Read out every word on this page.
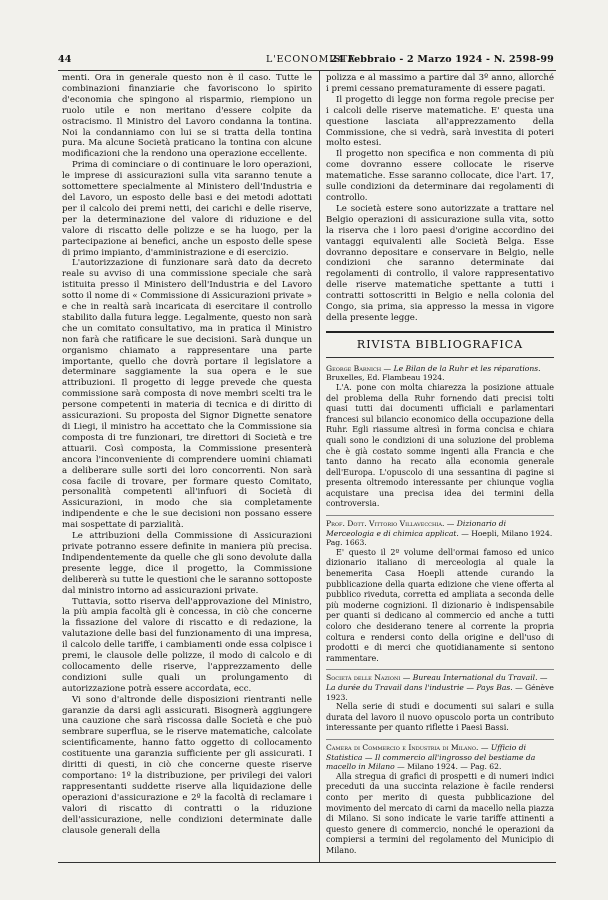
44	L'ECONOMISTA
24 Febbraio - 2 Marzo 1924 - N. 2598-99

menti. Ora in generale questo non è il caso. Tutte le combinazioni finanziarie che favoriscono lo spirito d'economia che spingono al risparmio, riempiono un ruolo utile e non meritano d'essere colpite da ostracismo. Il Ministro del Lavoro condanna la tontina. Noi la condanniamo con lui se si tratta della tontina pura. Ma alcune Società praticano la tontina con alcune modificazioni che la rendono una operazione eccellente.

Prima di cominciare o di continuare le loro operazioni, le imprese di assicurazioni sulla vita saranno tenute a sottomettere specialmente al Ministero dell'Industria e del Lavoro, un esposto delle basi e dei metodi adottati per il calcolo dei premi netti, dei carichi e delle riserve, per la determinazione del valore di riduzione e del valore di riscatto delle polizze e se ha luogo, per la partecipazione ai benefici, anche un esposto delle spese di primo impianto, d'amministrazione e di esercizio.

L'autorizzazione di funzionare sarà dato da decreto reale su avviso di una commissione speciale che sarà istituita presso il Ministero dell'Industria e del Lavoro sotto il nome di « Commissione di Assicurazioni private » e che in realtà sarà incaricata di esercitare il controllo stabilito dalla futura legge. Legalmente, questo non sarà che un comitato consultativo, ma in pratica il Ministro non farà che ratificare le sue decisioni. Sarà dunque un organismo chiamato a rappresentare una parte importante, quello che dovrà portare il legislatore a determinare saggiamente la sua opera e le sue attribuzioni. Il progetto di legge prevede che questa commissione sarà composta di nove membri scelti tra le persone competenti in materia di tecnica e di diritto di assicurazioni. Su proposta del Signor Dignette senatore di Liegi, il ministro ha accettato che la Commissione sia composta di tre funzionari, tre direttori di Società e tre attuarii. Così composta, la Commissione presenterà ancora l'inconveniente di comprendere uomini chiamati a deliberare sulle sorti dei loro concorrenti. Non sarà cosa facile di trovare, per formare questo Comitato, personalità competenti all'infuori di Società di Assicurazioni, in modo che sia completamente indipendente e che le sue decisioni non possano essere mai sospettate di parzialità.

Le attribuzioni della Commissione di Assicurazioni private potranno essere definite in maniera più precisa. Indipendentemente da quelle che gli sono devolute dalla presente legge, dice il progetto, la Commissione delibererà su tutte le questioni che le saranno sottoposte dal ministro intorno ad assicurazioni private.

Tuttavia, sotto riserva dell'approvazione del Ministro, la più ampia facoltà gli è concessa, in ciò che concerne la fissazione del valore di riscatto e di redazione, la valutazione delle basi del funzionamento di una impresa, il calcolo delle tariffe, i cambiamenti onde essa colpisce i premi, le clausole delle polizze, il modo di calcolo e di collocamento delle riserve, l'apprezzamento delle condizioni sulle quali un prolungamento di autorizzazione potrà essere accordata, ecc.

Vi sono d'altronde delle disposizioni rientranti nelle garanzie da darsi agli assicurati. Bisognerà aggiungere una cauzione che sarà riscossa dalle Società e che può sembrare superflua, se le riserve matematiche, calcolate scientificamente, hanno fatto oggetto di collocamento costituente una garanzia sufficiente per gli assicurati. I diritti di questi, in ciò che concerne queste riserve comportano: 1º la distribuzione, per privilegi dei valori rappresentanti suddette riserve alla liquidazione delle operazioni d'assicurazione e 2º la facoltà di reclamare i valori di riscatto di contratti o la riduzione dell'assicurazione, nelle condizioni determinate dalle clausole generali della

polizza e al massimo a partire dal 3º anno, allorché i premi cessano prematuramente di essere pagati.

Il progetto di legge non forma regole precise per i calcoli delle riserve matematiche. E' questa una questione lasciata all'apprezzamento della Commissione, che si vedrà, sarà investita di poteri molto estesi.

Il progetto non specifica e non commenta di più come dovranno essere collocate le riserve matematiche. Esse saranno collocate, dice l'art. 17, sulle condizioni da determinare dai regolamenti di controllo.

Le società estere sono autorizzate a trattare nel Belgio operazioni di assicurazione sulla vita, sotto la riserva che i loro paesi d'origine accordino dei vantaggi equivalenti alle Società Belga. Esse dovranno depositare e conservare in Belgio, nelle condizioni che saranno determinate dai regolamenti di controllo, il valore rappresentativo delle riserve matematiche spettante a tutti i contratti sottoscritti in Belgio e nella colonia del Congo, sia prima, sia appresso la messa in vigore della presente legge.

RIVISTA BIBLIOGRAFICA
George Barnich — Le Bilan de la Ruhr et les réparations. Bruxelles, Ed. Flambeau 1924.

L'A. pone con molta chiarezza la posizione attuale del problema della Ruhr fornendo dati precisi tolti quasi tutti dai documenti ufficiali e parlamentari francesi sul bilancio economico della occupazione della Ruhr. Egli riassume altresì in forma concisa e chiara quali sono le condizioni di una soluzione del problema che è già costato somme ingenti alla Francia e che tanto danno ha recato alla economia generale dell'Europa. L'opuscolo di una sessantina di pagine si presenta oltremodo interessante per chiunque voglia acquistare una precisa idea dei termini della controversia.

Prof. Dott. Vittorio Villavecchia. — Dizionario di Merceologia e di chimica applicat. — Hoepli, Milano 1924. Pag. 1663.

E' questo il 2º volume dell'ormai famoso ed unico dizionario italiano di merceologia al quale la benemerita Casa Hoepli attende curando la pubblicazione della quarta edizione che viene offerta al pubblico riveduta, corretta ed ampliata a seconda delle più moderne cognizioni. Il dizionario è indispensabile per quanti si dedicano al commercio ed anche a tutti coloro che desiderano tenere al corrente la propria coltura e rendersi conto della origine e dell'uso di prodotti e di merci che quotidianamente si sentono rammentare.

Società delle Nazioni — Bureau International du Travail. — La durée du Travail dans l'industrie — Pays Bas. — Génève 1923.

Nella serie di studi e documenti sui salari e sulla durata del lavoro il nuovo opuscolo porta un contributo interessante per quanto riflette i Paesi Bassi.

Camera di Commercio e Industria di Milano. — Ufficio di Statistica — Il commercio all'ingrosso del bestiame da macello in Milano — Milano 1924. — Pag. 62.

Alla stregua di grafici di prospetti e di numeri indici preceduti da una succinta relazione è facile rendersi conto per merito di questa pubblicazione del movimento del mercato di carni da macello nella piazza di Milano. Si sono indicate le varie tariffe attinenti a questo genere di commercio, nonché le operazioni da compiersi a termini del regolamento del Municipio di Milano.
